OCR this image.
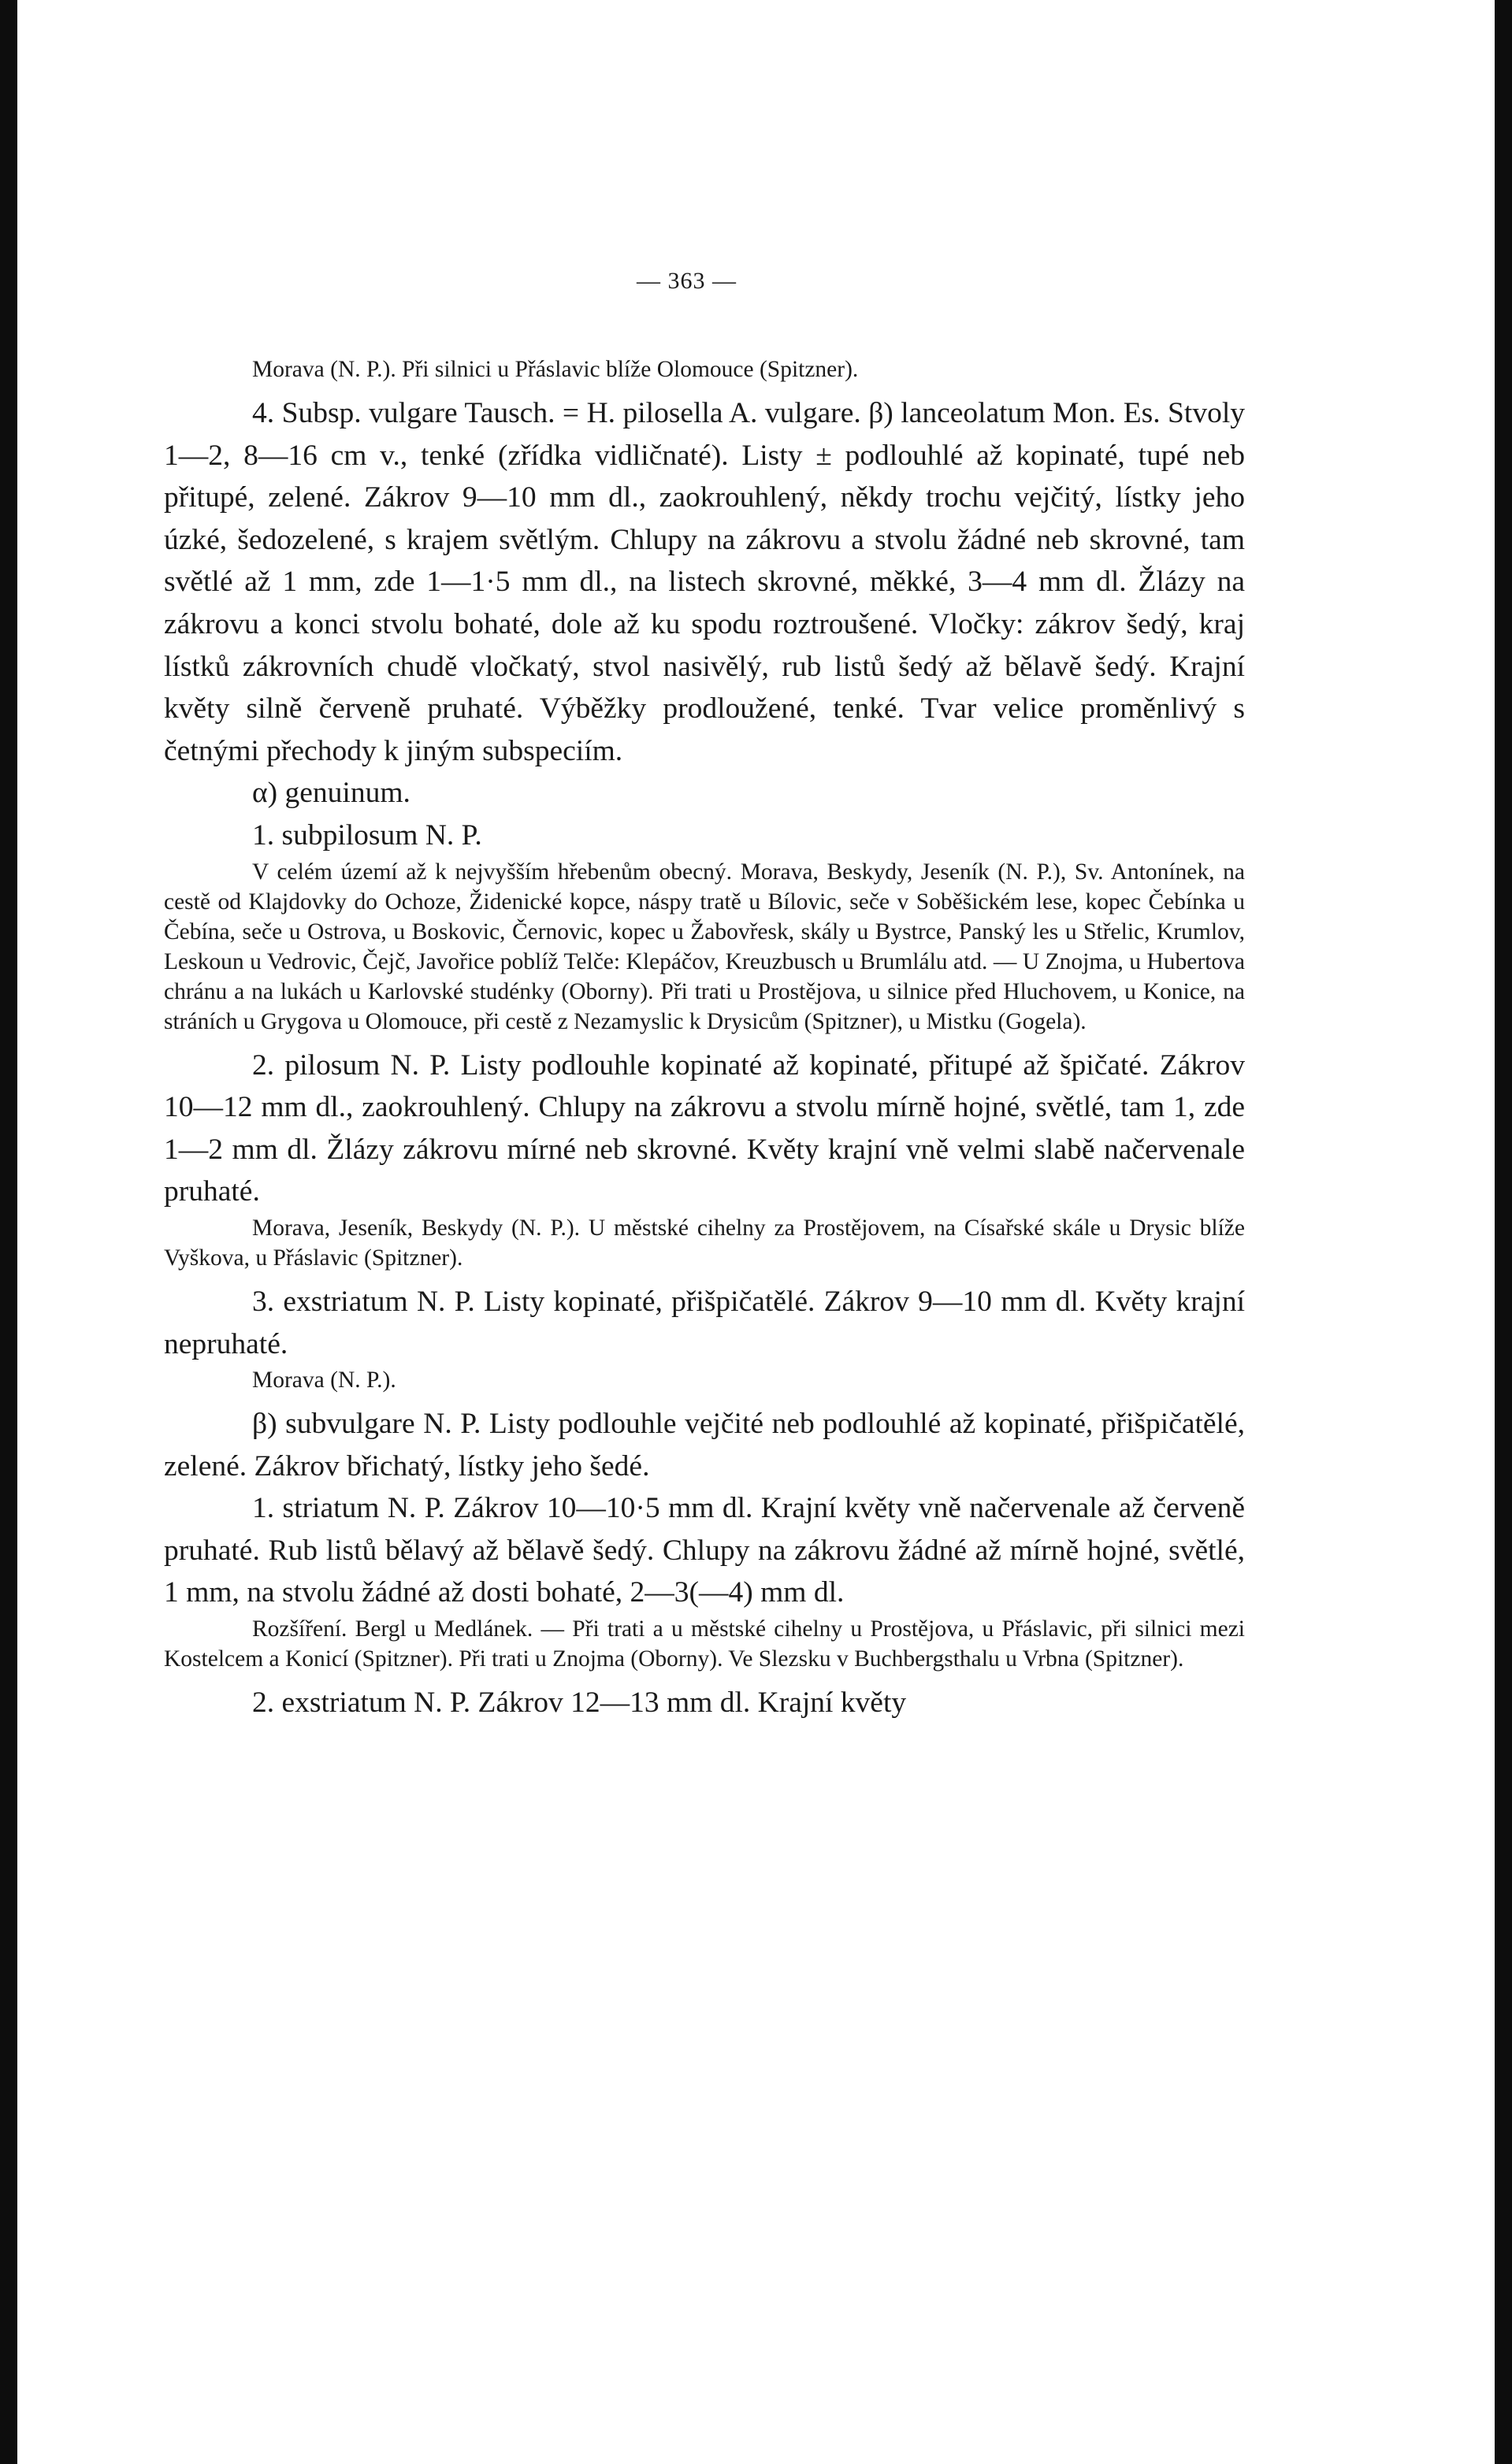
— 363 —

Morava (N. P.). Při silnici u Přáslavic blíže Olomouce (Spitzner).

4. Subsp. vulgare Tausch. = H. pilosella A. vulgare. β) lanceolatum Mon. Es. Stvoly 1—2, 8—16 cm v., tenké (zřídka vidličnaté). Listy ± podlouhlé až kopinaté, tupé neb přitupé, zelené. Zákrov 9—10 mm dl., zaokrouhlený, někdy trochu vejčitý, lístky jeho úzké, šedozelené, s krajem světlým. Chlupy na zákrovu a stvolu žádné neb skrovné, tam světlé až 1 mm, zde 1—1·5 mm dl., na listech skrovné, měkké, 3—4 mm dl. Žlázy na zákrovu a konci stvolu bohaté, dole až ku spodu roztroušené. Vločky: zákrov šedý, kraj lístků zákrovních chudě vločkatý, stvol nasivělý, rub listů šedý až bělavě šedý. Krajní květy silně červeně pruhaté. Výběžky prodloužené, tenké. Tvar velice proměnlivý s četnými přechody k jiným subspeciím.

α) genuinum.

1. subpilosum N. P.

V celém území až k nejvyšším hřebenům obecný. Morava, Beskydy, Jeseník (N. P.), Sv. Antonínek, na cestě od Klajdovky do Ochoze, Židenické kopce, náspy tratě u Bílovic, seče v Soběšickém lese, kopec Čebínka u Čebína, seče u Ostrova, u Boskovic, Černovic, kopec u Žabovřesk, skály u Bystrce, Panský les u Střelic, Krumlov, Leskoun u Vedrovic, Čejč, Javořice poblíž Telče: Klepáčov, Kreuzbusch u Brumlálu atd. — U Znojma, u Hubertova chránu a na lukách u Karlovské studénky (Oborny). Při trati u Prostějova, u silnice před Hluchovem, u Konice, na stráních u Grygova u Olomouce, při cestě z Nezamyslic k Drysicům (Spitzner), u Mistku (Gogela).

2. pilosum N. P. Listy podlouhle kopinaté až kopinaté, přitupé až špičaté. Zákrov 10—12 mm dl., zaokrouhlený. Chlupy na zákrovu a stvolu mírně hojné, světlé, tam 1, zde 1—2 mm dl. Žlázy zákrovu mírné neb skrovné. Květy krajní vně velmi slabě načervenale pruhaté.

Morava, Jeseník, Beskydy (N. P.). U městské cihelny za Prostějovem, na Císařské skále u Drysic blíže Vyškova, u Přáslavic (Spitzner).

3. exstriatum N. P. Listy kopinaté, přišpičatělé. Zákrov 9—10 mm dl. Květy krajní nepruhaté.

Morava (N. P.).

β) subvulgare N. P. Listy podlouhle vejčité neb podlouhlé až kopinaté, přišpičatělé, zelené. Zákrov břichatý, lístky jeho šedé.

1. striatum N. P. Zákrov 10—10·5 mm dl. Krajní květy vně načervenale až červeně pruhaté. Rub listů bělavý až bělavě šedý. Chlupy na zákrovu žádné až mírně hojné, světlé, 1 mm, na stvolu žádné až dosti bohaté, 2—3(—4) mm dl.

Rozšíření. Bergl u Medlánek. — Při trati a u městské cihelny u Prostějova, u Přáslavic, při silnici mezi Kostelcem a Konicí (Spitzner). Při trati u Znojma (Oborny). Ve Slezsku v Buchbergsthalu u Vrbna (Spitzner).

2. exstriatum N. P. Zákrov 12—13 mm dl. Krajní květy
